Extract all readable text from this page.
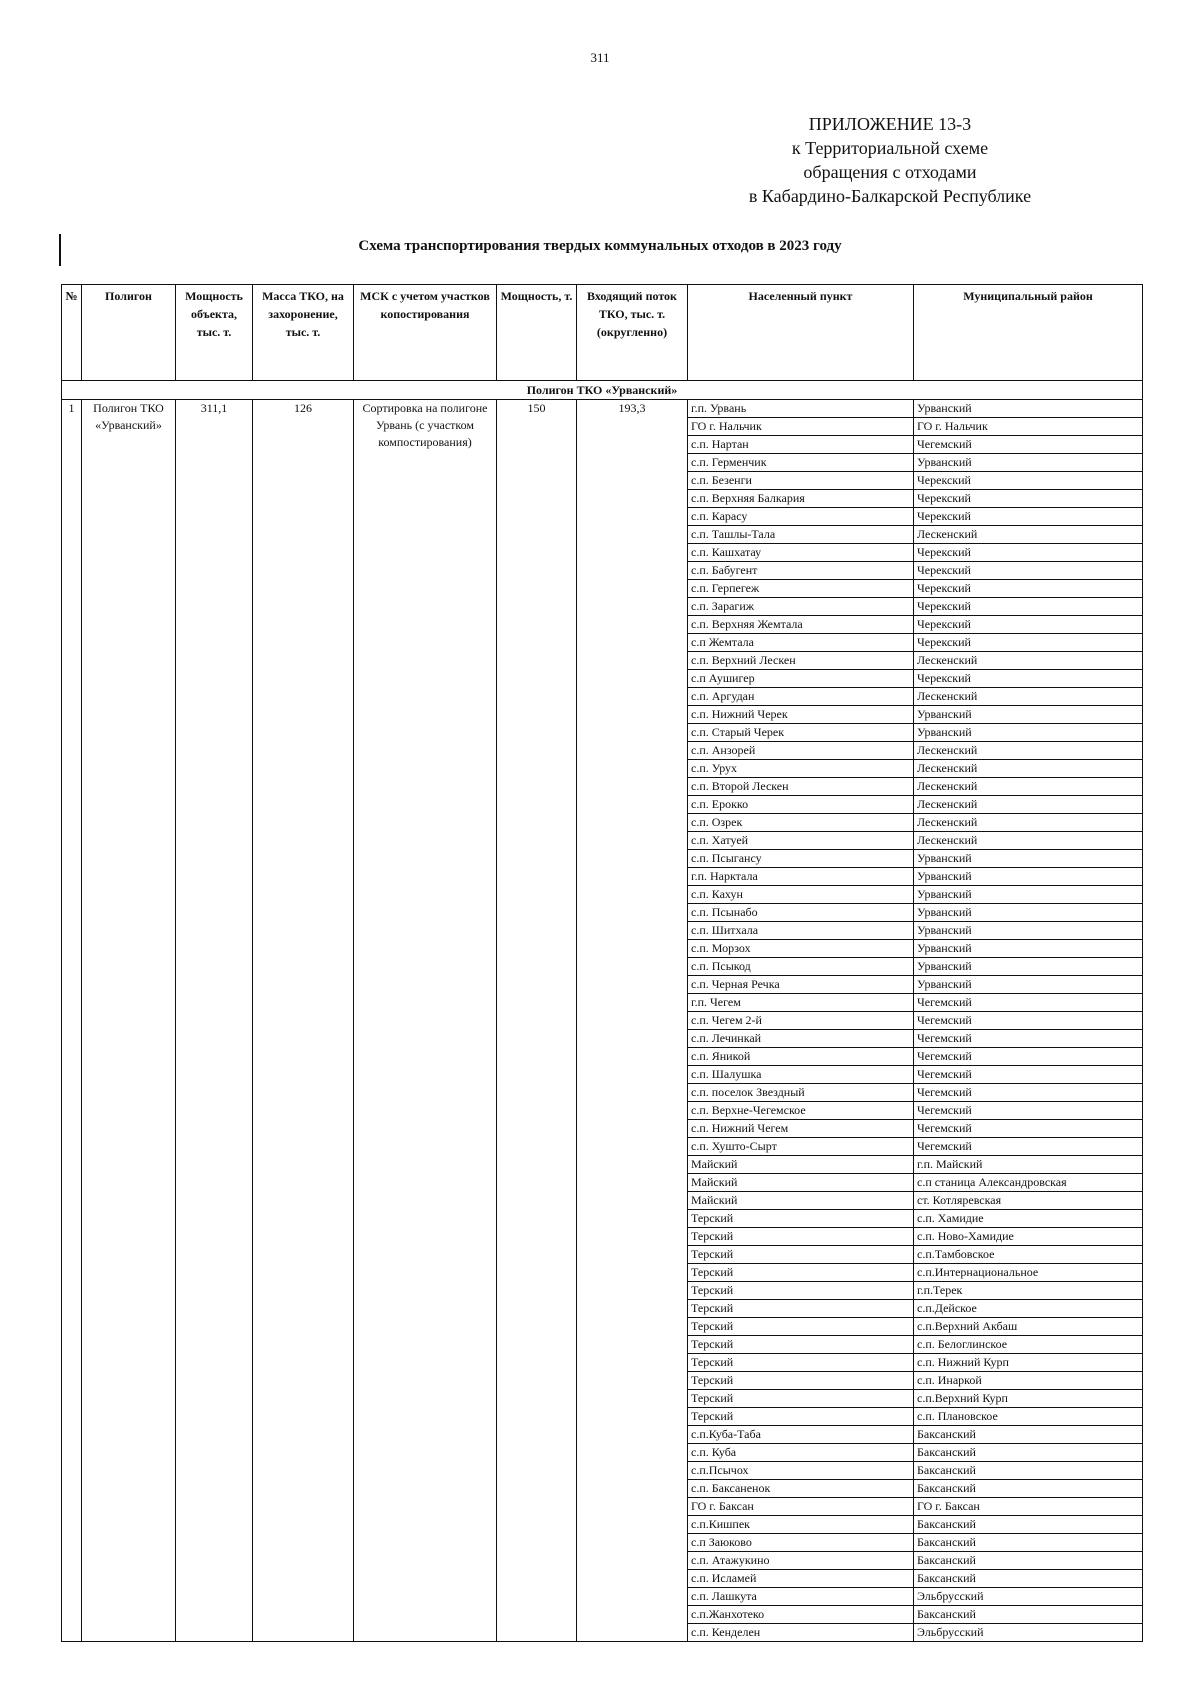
311
ПРИЛОЖЕНИЕ 13-3
к Территориальной схеме
обращения с отходами
в Кабардино-Балкарской Республике
Схема транспортирования твердых коммунальных отходов в 2023 году
№	Полигон	Мощность объекта, тыс. т.	Масса ТКО, на захоронение, тыс. т.	МСК с учетом участков копостирования	Мощность, т.	Входящий поток ТКО, тыс. т. (округленно)	Населенный пункт	Муниципальный район
Полигон ТКО «Урванский»								
1	Полигон ТКО «Урванский»	311,1	126	Сортировка на полигоне Урвань (с участком компостирования)	150	193,3	г.п. Урвань	Урванский
							ГО г. Нальчик	ГО г. Нальчик
							с.п. Нартан	Чегемский
							с.п. Герменчик	Урванский
							с.п. Безенги	Черекский
							с.п. Верхняя Балкария	Черекский
							с.п. Карасу	Черекский
							с.п. Ташлы-Тала	Лескенский
							с.п. Кашхатау	Черекский
							с.п. Бабугент	Черекский
							с.п. Герпегеж	Черекский
							с.п. Зарагиж	Черекский
							с.п. Верхняя Жемтала	Черекский
							с.п Жемтала	Черекский
							с.п. Верхний Лескен	Лескенский
							с.п Аушигер	Черекский
							с.п. Аргудан	Лескенский
							с.п. Нижний Черек	Урванский
							с.п. Старый Черек	Урванский
							с.п. Анзорей	Лескенский
							с.п. Урух	Лескенский
							с.п. Второй Лескен	Лескенский
							с.п. Ерокко	Лескенский
							с.п. Озрек	Лескенский
							с.п. Хатуей	Лескенский
							с.п. Псыгансу	Урванский
							г.п. Нарктала	Урванский
							с.п. Кахун	Урванский
							с.п. Псынабо	Урванский
							с.п. Шитхала	Урванский
							с.п. Морзох	Урванский
							с.п. Псыкод	Урванский
							с.п. Черная Речка	Урванский
							г.п. Чегем	Чегемский
							с.п. Чегем 2-й	Чегемский
							с.п. Лечинкай	Чегемский
							с.п. Яникой	Чегемский
							с.п. Шалушка	Чегемский
							с.п. поселок Звездный	Чегемский
							с.п. Верхне-Чегемское	Чегемский
							с.п. Нижний Чегем	Чегемский
							с.п. Хушто-Сырт	Чегемский
							Майский	г.п. Майский
							Майский	с.п станица Александровская
							Майский	ст. Котляревская
							Терский	с.п. Хамидие
							Терский	с.п. Ново-Хамидие
							Терский	с.п.Тамбовское
							Терский	с.п.Интернациональное
							Терский	г.п.Терек
							Терский	с.п.Дейское
							Терский	с.п.Верхний Акбаш
							Терский	с.п. Белоглинское
							Терский	с.п. Нижний Курп
							Терский	с.п. Инаркой
							Терский	с.п.Верхний Курп
							Терский	с.п. Плановское
							с.п.Куба-Таба	Баксанский
							с.п. Куба	Баксанский
							с.п.Псычох	Баксанский
							с.п. Баксаненок	Баксанский
							ГО г. Баксан	ГО г. Баксан
							с.п.Кишпек	Баксанский
							с.п Заюково	Баксанский
							с.п. Атажукино	Баксанский
							с.п. Исламей	Баксанский
							с.п. Лашкута	Эльбрусский
							с.п.Жанхотеко	Баксанский
							с.п. Кенделен	Эльбрусский
